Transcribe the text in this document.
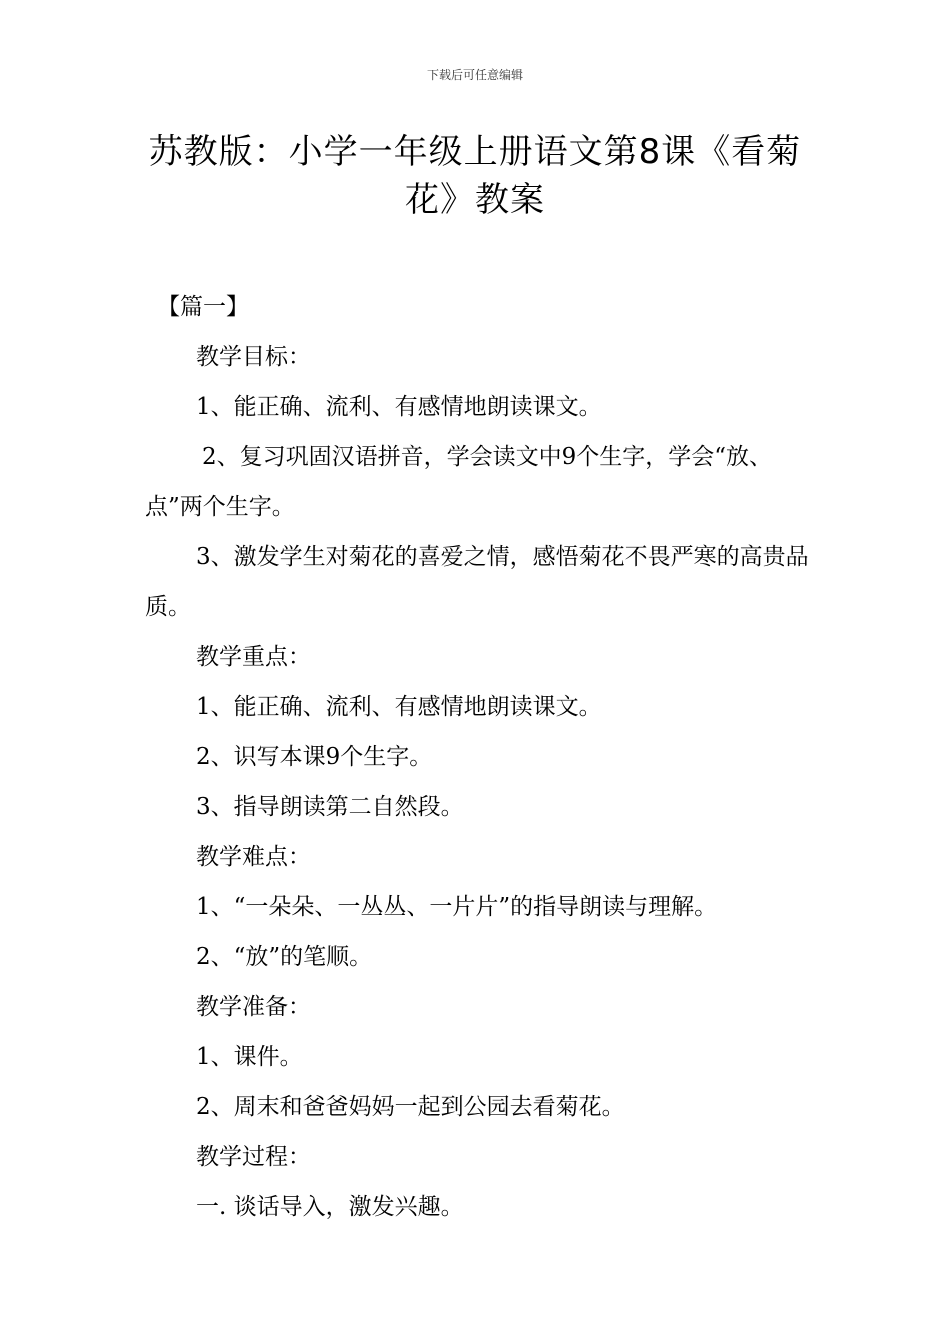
下载后可任意编辑
苏教版：小学一年级上册语文第8课《看菊花》教案

【篇一】

教学目标：

1、能正确、流利、有感情地朗读课文。

2、复习巩固汉语拼音，学会读文中9个生字，学会“放、点”两个生字。

3、激发学生对菊花的喜爱之情，感悟菊花不畏严寒的高贵品质。

教学重点：

1、能正确、流利、有感情地朗读课文。

2、识写本课9个生字。

3、指导朗读第二自然段。

教学难点：

1、“一朵朵、一丛丛、一片片”的指导朗读与理解。

2、“放”的笔顺。

教学准备：

1、课件。

2、周末和爸爸妈妈一起到公园去看菊花。

教学过程：

一. 谈话导入，激发兴趣。
